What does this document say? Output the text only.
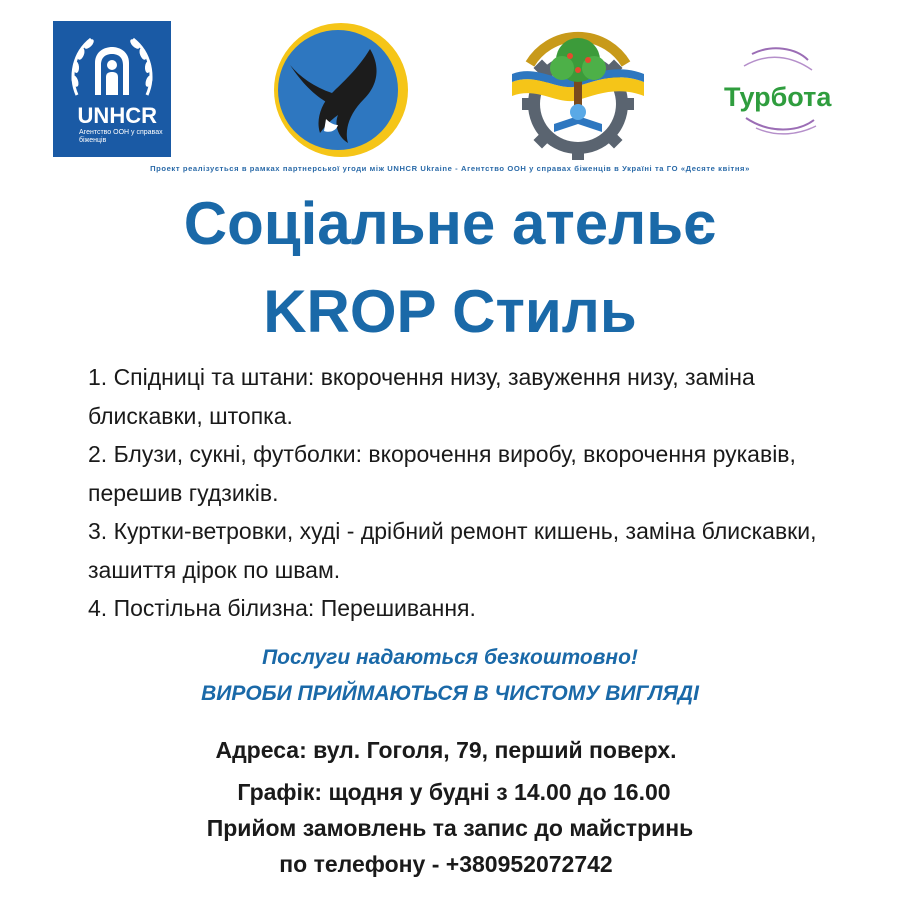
UNHCR
Агентство ООН у справах біженців
Турбота
Проект реалізується в рамках партнерської угоди між UNHCR Ukraine - Агентство ООН у справах біженців в Україні та ГО «Десяте квітня»
Соціальне ательє
KROP Стиль
1. Спідниці та штани: вкорочення низу, завуження низу, заміна блискавки, штопка.
2. Блузи, сукні, футболки: вкорочення виробу, вкорочення рукавів, перешив гудзиків.
3. Куртки-ветровки, худі - дрібний ремонт кишень, заміна блискавки, зашиття дірок по швам.
4. Постільна білизна: Перешивання.
Послуги надаються безкоштовно!
ВИРОБИ ПРИЙМАЮТЬСЯ В ЧИСТОМУ ВИГЛЯДІ
Адреса: вул. Гоголя, 79, перший поверх.
Графік: щодня у будні з 14.00 до 16.00
Прийом замовлень та запис до майстринь
по телефону - +380952072742
